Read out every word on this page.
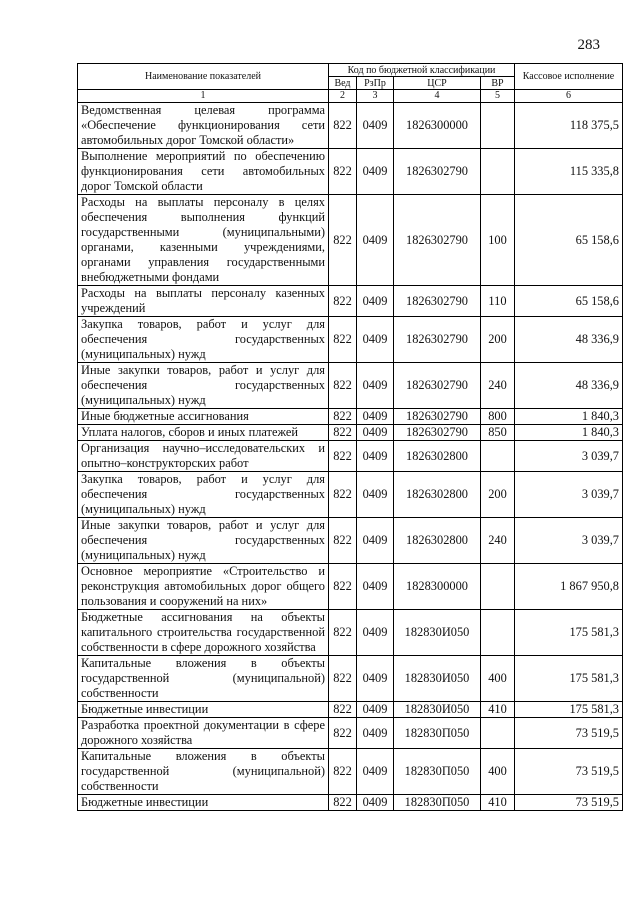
283
Наименование показателей	Код по бюджетной классификации				Кассовое исполнение
	Вед	РзПр	ЦСР	ВР	
1	2	3	4	5	6
Ведомственная целевая программа «Обеспечение функционирования сети автомобильных дорог Томской области»	822	0409	1826300000		118 375,5
Выполнение мероприятий по обеспечению функционирования сети автомобильных дорог Томской области	822	0409	1826302790		115 335,8
Расходы на выплаты персоналу в целях обеспечения выполнения функций государственными (муниципальными) органами, казенными учреждениями, органами управления государственными внебюджетными фондами	822	0409	1826302790	100	65 158,6
Расходы на выплаты персоналу казенных учреждений	822	0409	1826302790	110	65 158,6
Закупка товаров, работ и услуг для обеспечения государственных (муниципальных) нужд	822	0409	1826302790	200	48 336,9
Иные закупки товаров, работ и услуг для обеспечения государственных (муниципальных) нужд	822	0409	1826302790	240	48 336,9
Иные бюджетные ассигнования	822	0409	1826302790	800	1 840,3
Уплата налогов, сборов и иных платежей	822	0409	1826302790	850	1 840,3
Организация научно–исследовательских и опытно–конструкторских работ	822	0409	1826302800		3 039,7
Закупка товаров, работ и услуг для обеспечения государственных (муниципальных) нужд	822	0409	1826302800	200	3 039,7
Иные закупки товаров, работ и услуг для обеспечения государственных (муниципальных) нужд	822	0409	1826302800	240	3 039,7
Основное мероприятие «Строительство и реконструкция автомобильных дорог общего пользования и сооружений на них»	822	0409	1828300000		1 867 950,8
Бюджетные ассигнования на объекты капитального строительства государственной собственности в сфере дорожного хозяйства	822	0409	182830И050		175 581,3
Капитальные вложения в объекты государственной (муниципальной) собственности	822	0409	182830И050	400	175 581,3
Бюджетные инвестиции	822	0409	182830И050	410	175 581,3
Разработка проектной документации в сфере дорожного хозяйства	822	0409	182830П050		73 519,5
Капитальные вложения в объекты государственной (муниципальной) собственности	822	0409	182830П050	400	73 519,5
Бюджетные инвестиции	822	0409	182830П050	410	73 519,5
